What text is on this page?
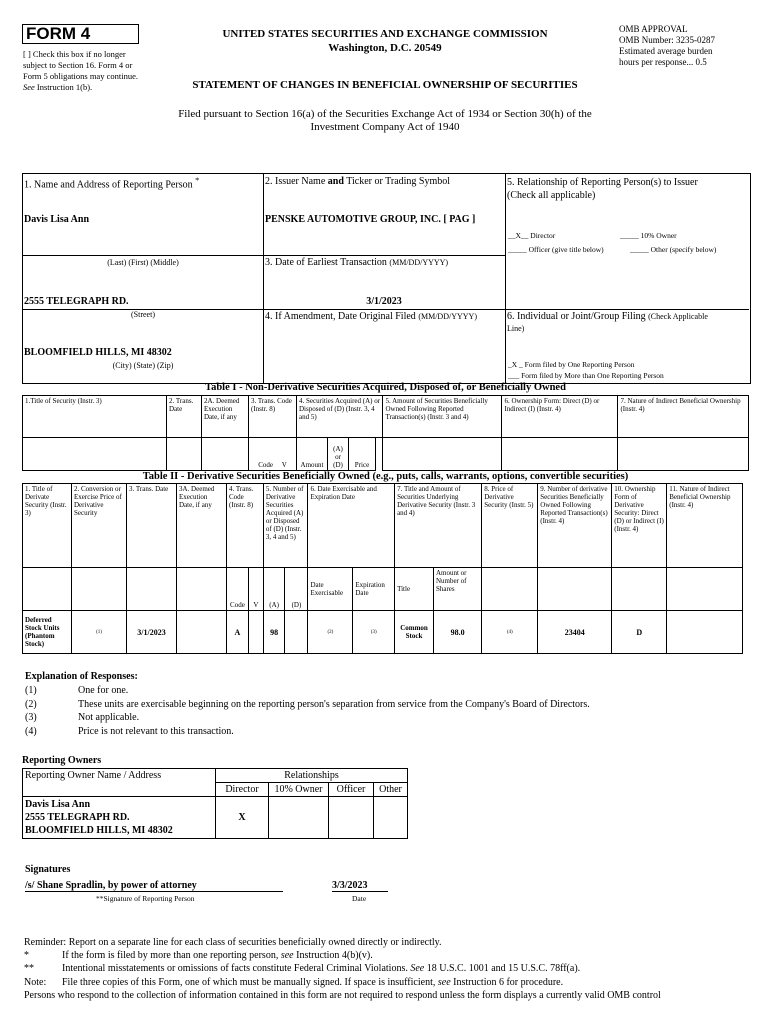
FORM 4
[ ] Check this box if no longer subject to Section 16. Form 4 or Form 5 obligations may continue. See Instruction 1(b).
UNITED STATES SECURITIES AND EXCHANGE COMMISSION
Washington, D.C. 20549
OMB APPROVAL
OMB Number: 3235-0287
Estimated average burden
hours per response... 0.5
STATEMENT OF CHANGES IN BENEFICIAL OWNERSHIP OF SECURITIES
Filed pursuant to Section 16(a) of the Securities Exchange Act of 1934 or Section 30(h) of the
Investment Company Act of 1940
1. Name and Address of Reporting Person *
Davis Lisa Ann
(Last) (First) (Middle)
2555 TELEGRAPH RD.
(Street)
BLOOMFIELD HILLS, MI 48302
(City) (State) (Zip)
2. Issuer Name and Ticker or Trading Symbol
PENSKE AUTOMOTIVE GROUP, INC. [ PAG ]
3. Date of Earliest Transaction (MM/DD/YYYY)
3/1/2023
4. If Amendment, Date Original Filed (MM/DD/YYYY)
5. Relationship of Reporting Person(s) to Issuer
(Check all applicable)
__X__ Director	_____ 10% Owner
_____ Officer (give title below)	_____ Other (specify below)
6. Individual or Joint/Group Filing (Check Applicable
Line)
_X _ Form filed by One Reporting Person
___ Form filed by More than One Reporting Person
Table I - Non-Derivative Securities Acquired, Disposed of, or Beneficially Owned
1.Title of Security (Instr. 3)	2. Trans. Date	2A. Deemed Execution Date, if any	3. Trans. Code (Instr. 8)	4. Securities Acquired (A) or Disposed of (D) (Instr. 3, 4 and 5)				5. Amount of Securities Beneficially Owned Following Reported Transaction(s) (Instr. 3 and 4)	6. Ownership Form: Direct (D) or Indirect (I) (Instr. 4)	7. Nature of Indirect Beneficial Ownership (Instr. 4)
			Code V	Amount	(A) or (D)	Price				
Table II - Derivative Securities Beneficially Owned (e.g., puts, calls, warrants, options, convertible securities)
1. Title of Derivate Security (Instr. 3)	2. Conversion or Exercise Price of Derivative Security	3. Trans. Date	3A. Deemed Execution Date, if any	4. Trans. Code (Instr. 8)		5. Number of Derivative Securities Acquired (A) or Disposed of (D) (Instr. 3, 4 and 5)		6. Date Exercisable and Expiration Date		7. Title and Amount of Securities Underlying Derivative Security (Instr. 3 and 4)		8. Price of Derivative Security (Instr. 5)	9. Number of derivative Securities Beneficially Owned Following Reported Transaction(s) (Instr. 4)	10. Ownership Form of Derivative Security: Direct (D) or Indirect (I) (Instr. 4)	11. Nature of Indirect Beneficial Ownership (Instr. 4)
				Code	V	(A)	(D)	Date Exercisable	Expiration Date	Title	Amount or Number of Shares				
Deferred Stock Units (Phantom Stock)	(1)	3/1/2023		A		98		(2)	(3)	Common Stock	98.0	(4)	23404	D	
Explanation of Responses:
(1)	One for one.
(2)	These units are exercisable beginning on the reporting person's separation from service from the Company's Board of Directors.
(3)	Not applicable.
(4)	Price is not relevant to this transaction.
Reporting Owners
Reporting Owner Name / Address	Relationships			
	Director	10% Owner	Officer	Other

Davis Lisa Ann
2555 TELEGRAPH RD.
BLOOMFIELD HILLS, MI 48302	X			
Signatures
/s/ Shane Spradlin, by power of attorney	3/3/2023
**Signature of Reporting Person	Date
Reminder: Report on a separate line for each class of securities beneficially owned directly or indirectly.
*	If the form is filed by more than one reporting person, see Instruction 4(b)(v).
**	Intentional misstatements or omissions of facts constitute Federal Criminal Violations. See 18 U.S.C. 1001 and 15 U.S.C. 78ff(a).
Note: File three copies of this Form, one of which must be manually signed. If space is insufficient, see Instruction 6 for procedure.
Persons who respond to the collection of information contained in this form are not required to respond unless the form displays a currently valid OMB control
